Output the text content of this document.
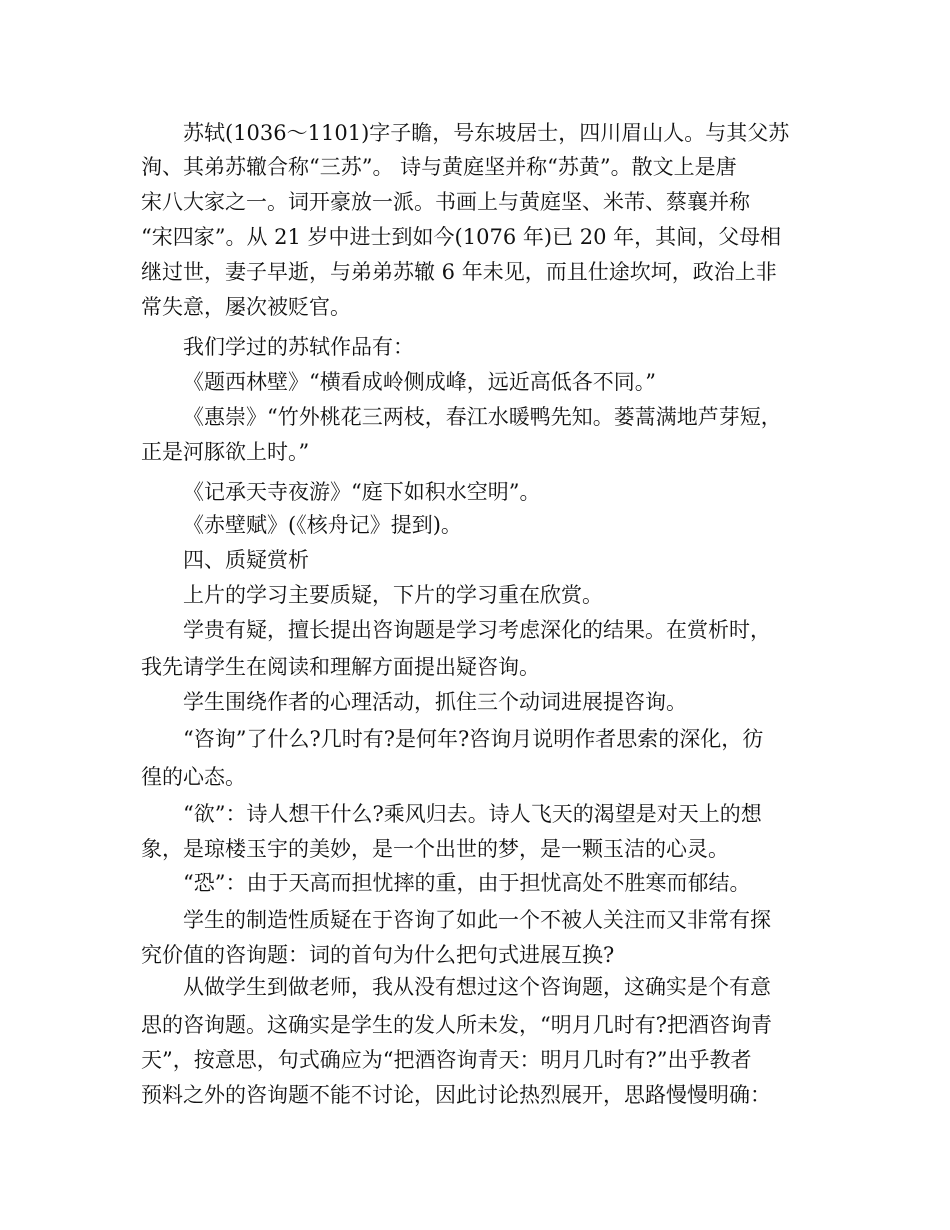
苏轼(1036～1101)字子瞻，号东坡居士，四川眉山人。与其父苏
洵、其弟苏辙合称“三苏”。 诗与黄庭坚并称“苏黄”。散文上是唐
宋八大家之一。词开豪放一派。书画上与黄庭坚、米芾、蔡襄并称
“宋四家”。从 21 岁中进士到如今(1076 年)已 20 年，其间，父母相
继过世，妻子早逝，与弟弟苏辙 6 年未见，而且仕途坎坷，政治上非
常失意，屡次被贬官。
我们学过的苏轼作品有：
《题西林壁》“横看成岭侧成峰，远近高低各不同。”
《惠崇》“竹外桃花三两枝，春江水暖鸭先知。蒌蒿满地芦芽短，
正是河豚欲上时。”
《记承天寺夜游》“庭下如积水空明”。
《赤壁赋》(《核舟记》提到)。
四、质疑赏析
上片的学习主要质疑，下片的学习重在欣赏。
学贵有疑，擅长提出咨询题是学习考虑深化的结果。在赏析时，
我先请学生在阅读和理解方面提出疑咨询。
学生围绕作者的心理活动，抓住三个动词进展提咨询。
“咨询”了什么?几时有?是何年?咨询月说明作者思索的深化，彷
徨的心态。
“欲”：诗人想干什么?乘风归去。诗人飞天的渴望是对天上的想
象，是琼楼玉宇的美妙，是一个出世的梦，是一颗玉洁的心灵。
“恐”：由于天高而担忧摔的重，由于担忧高处不胜寒而郁结。
学生的制造性质疑在于咨询了如此一个不被人关注而又非常有探
究价值的咨询题：词的首句为什么把句式进展互换?
从做学生到做老师，我从没有想过这个咨询题，这确实是个有意
思的咨询题。这确实是学生的发人所未发，“明月几时有?把酒咨询青
天”，按意思，句式确应为“把酒咨询青天：明月几时有?”出乎教者
预料之外的咨询题不能不讨论，因此讨论热烈展开，思路慢慢明确：
